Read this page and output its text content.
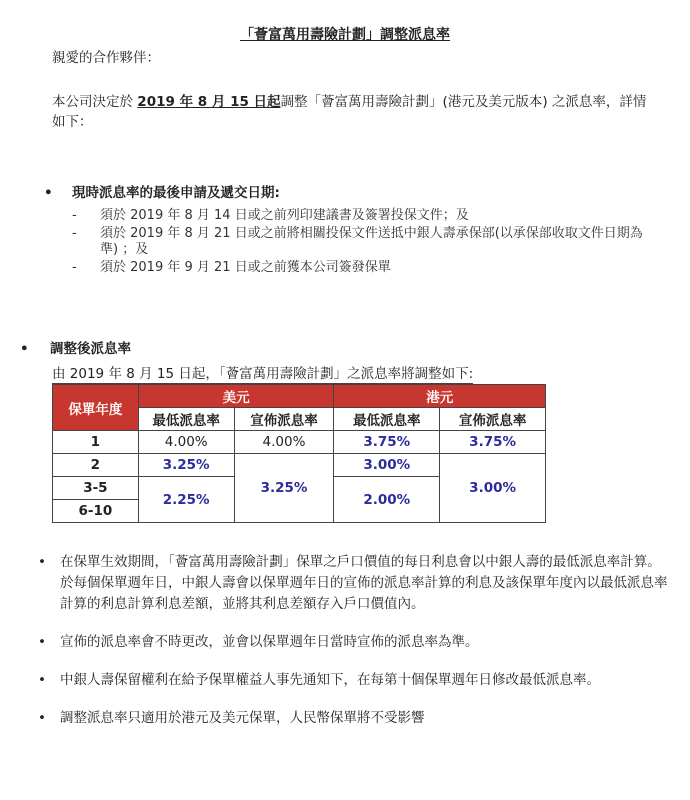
「薈富萬用壽險計劃」調整派息率
親愛的合作夥伴：
本公司決定於 2019 年 8 月 15 日起調整「薈富萬用壽險計劃」(港元及美元版本) 之派息率，詳情如下：
•	現時派息率的最後申請及遞交日期:
-	須於 2019 年 8 月 14 日或之前列印建議書及簽署投保文件；及
-	須於 2019 年 8 月 21 日或之前將相關投保文件送抵中銀人壽承保部(以承保部收取文件日期為準) ；及
-	須於 2019 年 9 月 21 日或之前獲本公司簽發保單
•	調整後派息率
由 2019 年 8 月 15 日起，「薈富萬用壽險計劃」之派息率將調整如下:
保單年度	美元		港元	
	最低派息率	宣佈派息率	最低派息率	宣佈派息率
1	4.00%	4.00%	3.75%	3.75%
2	3.25%	3.25%	3.00%	3.00%
3-5	2.25%		2.00%	
6-10				
•	在保單生效期間，「薈富萬用壽險計劃」保單之戶口價值的每日利息會以中銀人壽的最低派息率計算。於每個保單週年日，中銀人壽會以保單週年日的宣佈的派息率計算的利息及該保單年度內以最低派息率計算的利息計算利息差額，並將其利息差額存入戶口價值內。
•	宣佈的派息率會不時更改，並會以保單週年日當時宣佈的派息率為準。
•	中銀人壽保留權利在給予保單權益人事先通知下，在每第十個保單週年日修改最低派息率。
•	調整派息率只適用於港元及美元保單，人民幣保單將不受影響
